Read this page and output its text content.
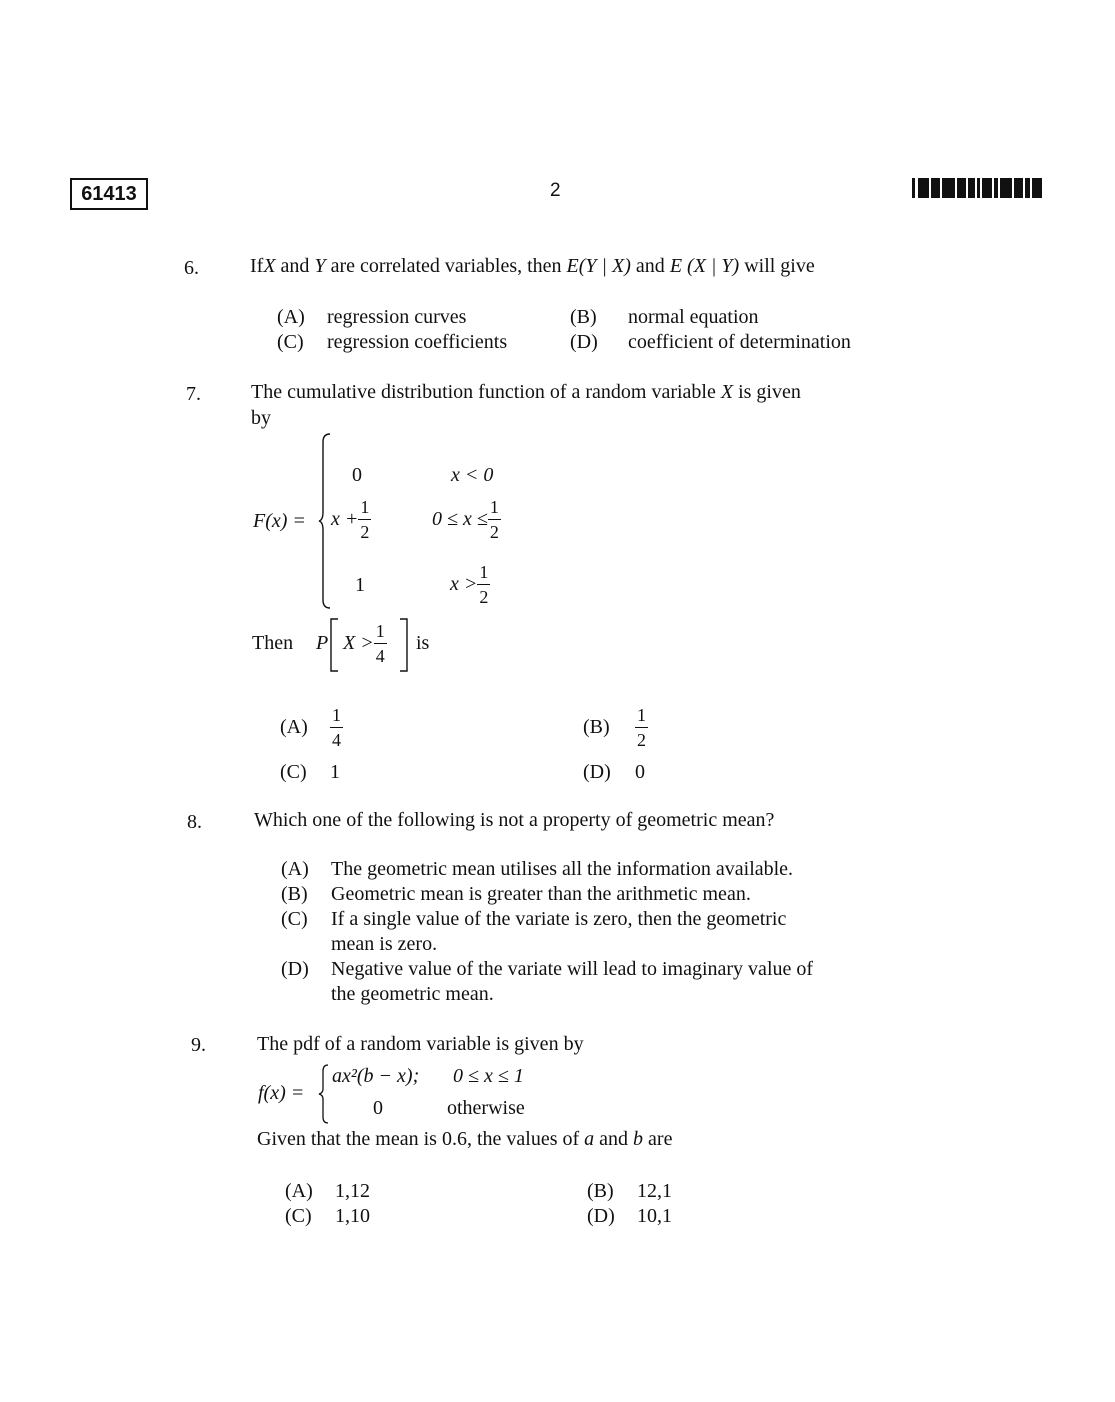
61413	2
6.	IfX and Y are correlated variables, then E(Y | X) and E (X | Y) will give
(A) regression curves	(B) normal equation
(C) regression coefficients	(D) coefficient of determination
7.	The cumulative distribution function of a random variable X is given
by
F(x) =
0	x < 0
$x + \frac{1}{2}$	$0 \le x \le \frac{1}{2}$
1	$x > \frac{1}{2}$
Then P $X > \frac{1}{4}$ is
(A)	$\frac{1}{4}$	(B)	$\frac{1}{2}$
(C) 1	(D) 0
8.	Which one of the following is not a property of geometric mean?
(A) The geometric mean utilises all the information available.
(B) Geometric mean is greater than the arithmetic mean.
(C) If a single value of the variate is zero, then the geometric
mean is zero.
(D) Negative value of the variate will lead to imaginary value of
the geometric mean.
9.	The pdf of a random variable is given by
f(x) =
ax²(b − x); 0 ≤ x ≤ 1
0	otherwise
Given that the mean is 0.6, the values of a and b are
(A) 1,12	(B) 12,1
(C) 1,10	(D) 10,1
